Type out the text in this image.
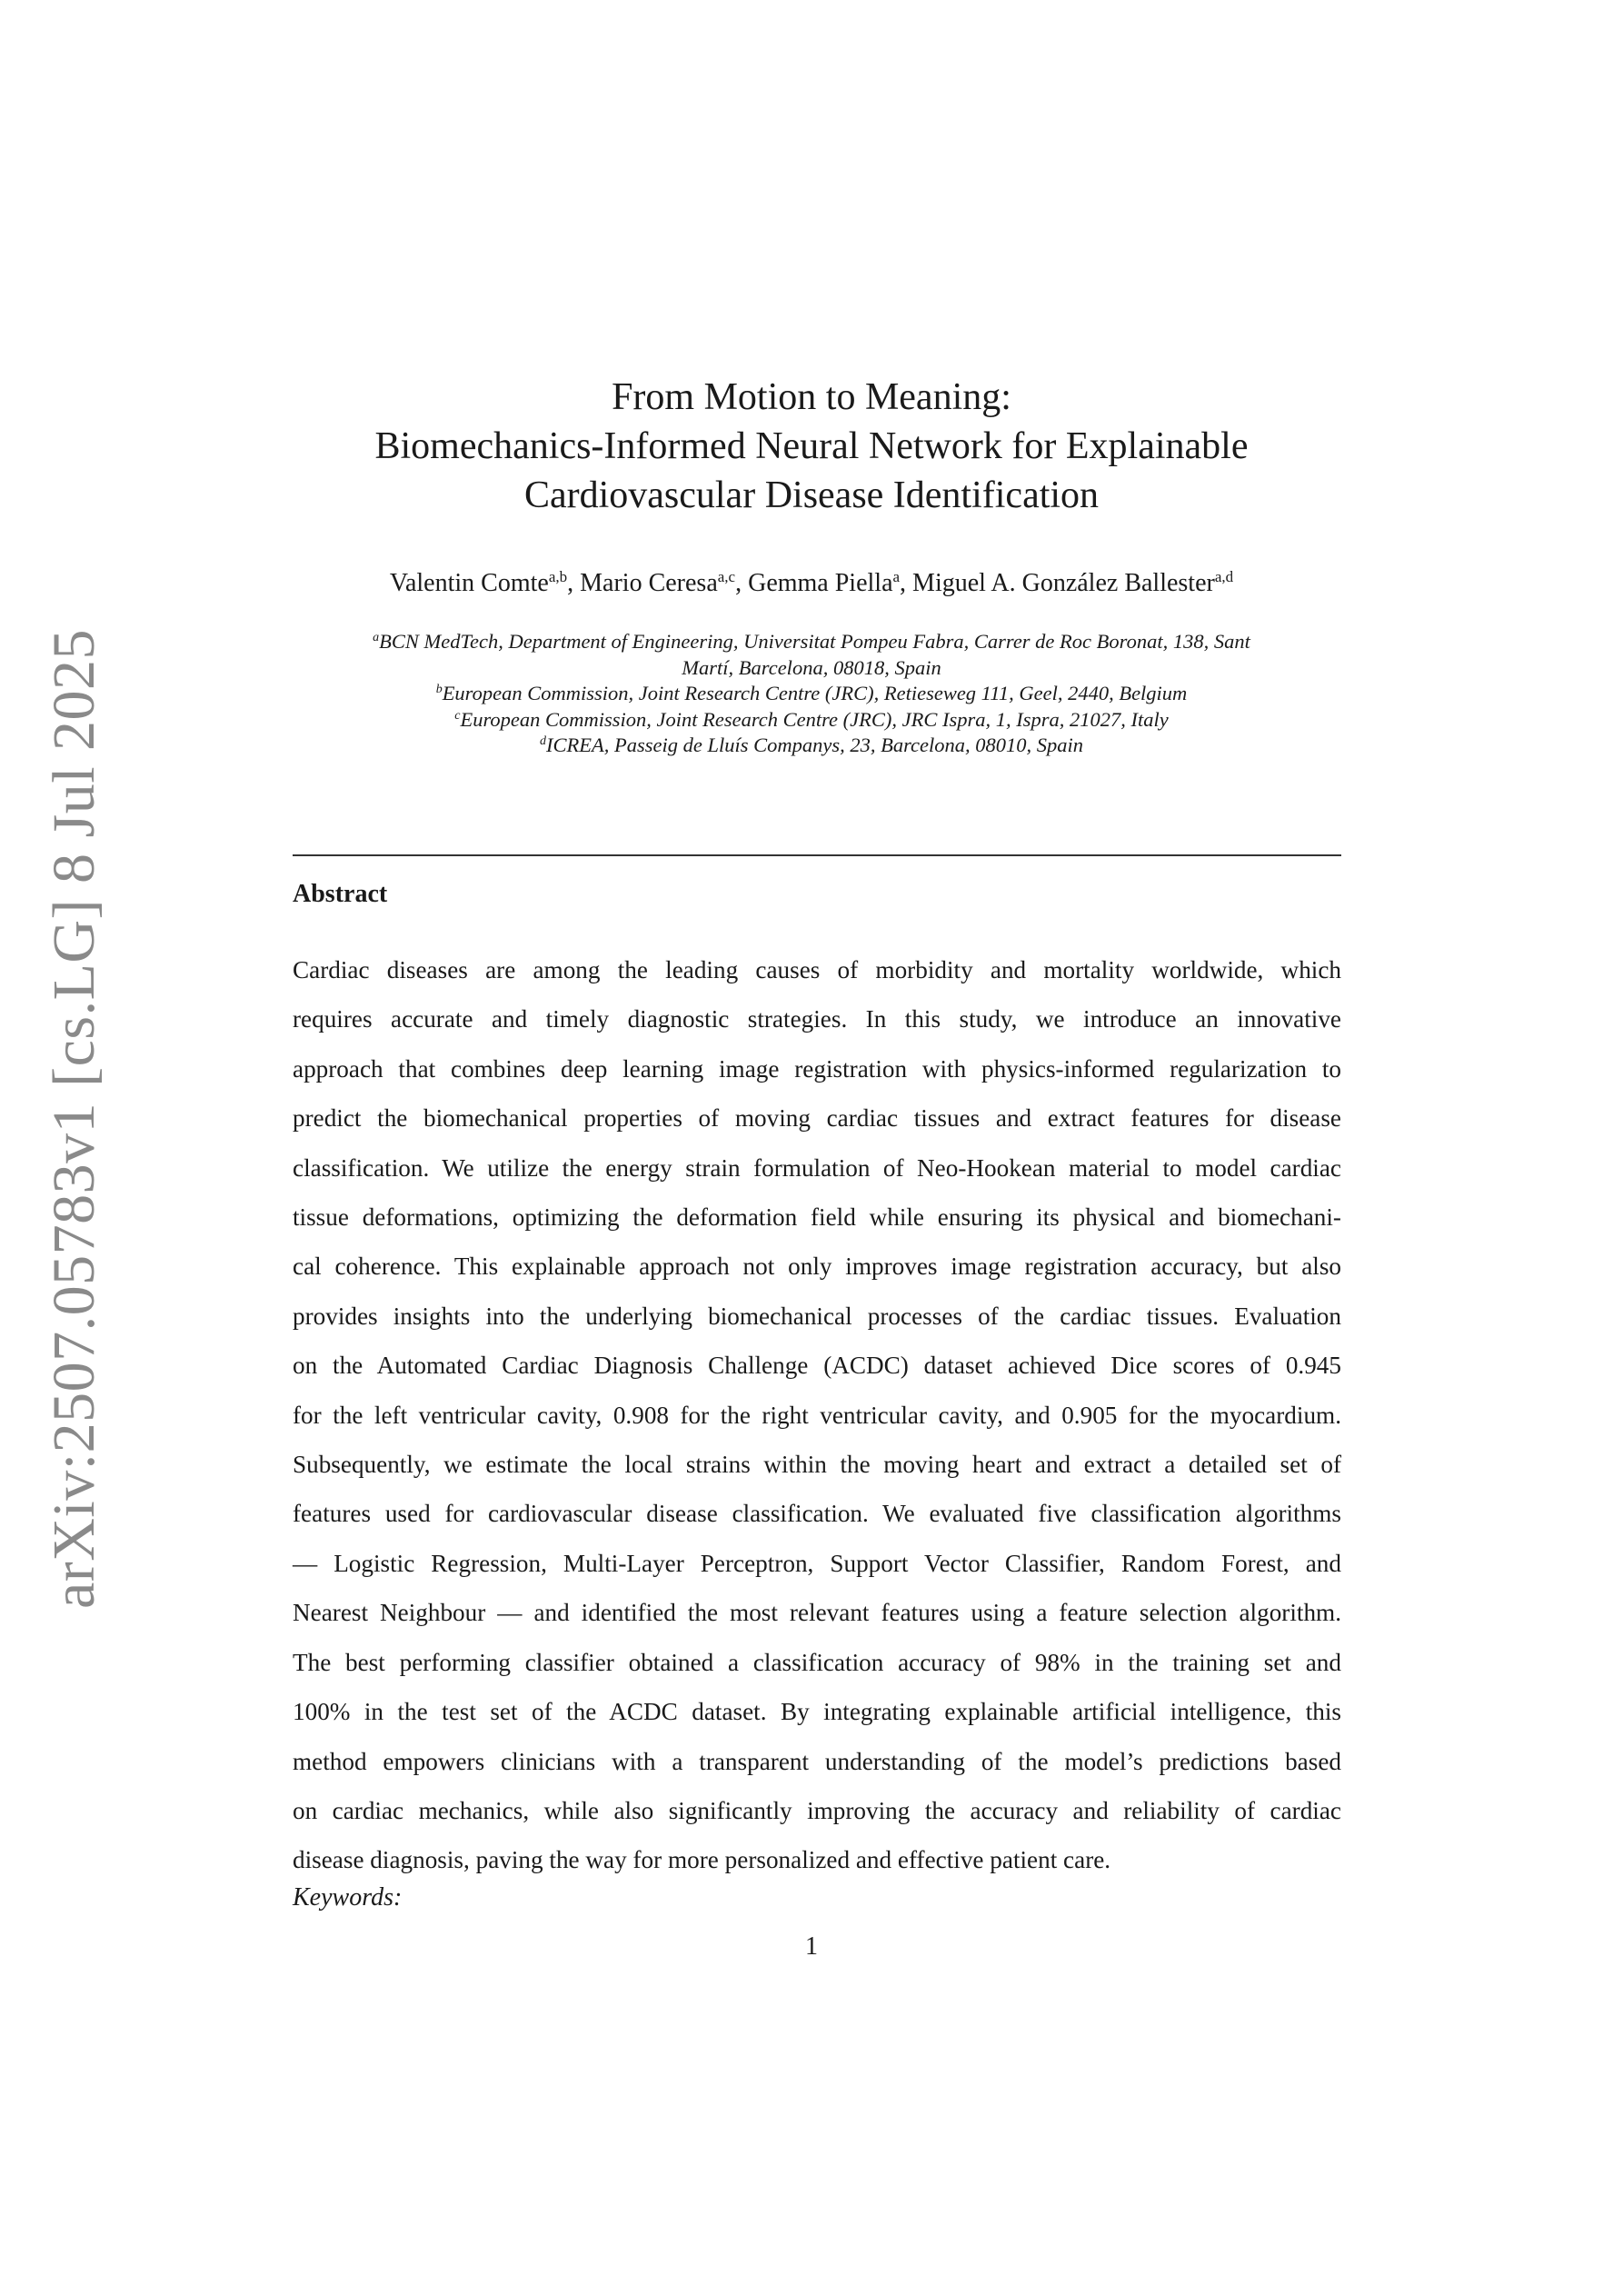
arXiv:2507.05783v1 [cs.LG] 8 Jul 2025
From Motion to Meaning:
Biomechanics-Informed Neural Network for Explainable
Cardiovascular Disease Identification
Valentin Comte$^{a,b}$, Mario Ceresa$^{a,c}$, Gemma Piella$^a$, Miguel A. González Ballester$^{a,d}$
$^a$BCN MedTech, Department of Engineering, Universitat Pompeu Fabra, Carrer de Roc Boronat, 138, Sant
Martí, Barcelona, 08018, Spain
$^b$European Commission, Joint Research Centre (JRC), Retieseweg 111, Geel, 2440, Belgium
$^c$European Commission, Joint Research Centre (JRC), JRC Ispra, 1, Ispra, 21027, Italy
$^d$ICREA, Passeig de Lluís Companys, 23, Barcelona, 08010, Spain
Abstract
Cardiac diseases are among the leading causes of morbidity and mortality worldwide, which
requires accurate and timely diagnostic strategies. In this study, we introduce an innovative
approach that combines deep learning image registration with physics-informed regularization to
predict the biomechanical properties of moving cardiac tissues and extract features for disease
classification. We utilize the energy strain formulation of Neo-Hookean material to model cardiac
tissue deformations, optimizing the deformation field while ensuring its physical and biomechani-
cal coherence. This explainable approach not only improves image registration accuracy, but also
provides insights into the underlying biomechanical processes of the cardiac tissues. Evaluation
on the Automated Cardiac Diagnosis Challenge (ACDC) dataset achieved Dice scores of 0.945
for the left ventricular cavity, 0.908 for the right ventricular cavity, and 0.905 for the myocardium.
Subsequently, we estimate the local strains within the moving heart and extract a detailed set of
features used for cardiovascular disease classification. We evaluated five classification algorithms
— Logistic Regression, Multi-Layer Perceptron, Support Vector Classifier, Random Forest, and
Nearest Neighbour — and identified the most relevant features using a feature selection algorithm.
The best performing classifier obtained a classification accuracy of 98% in the training set and
100% in the test set of the ACDC dataset. By integrating explainable artificial intelligence, this
method empowers clinicians with a transparent understanding of the model’s predictions based
on cardiac mechanics, while also significantly improving the accuracy and reliability of cardiac
disease diagnosis, paving the way for more personalized and effective patient care.
Keywords:
1
